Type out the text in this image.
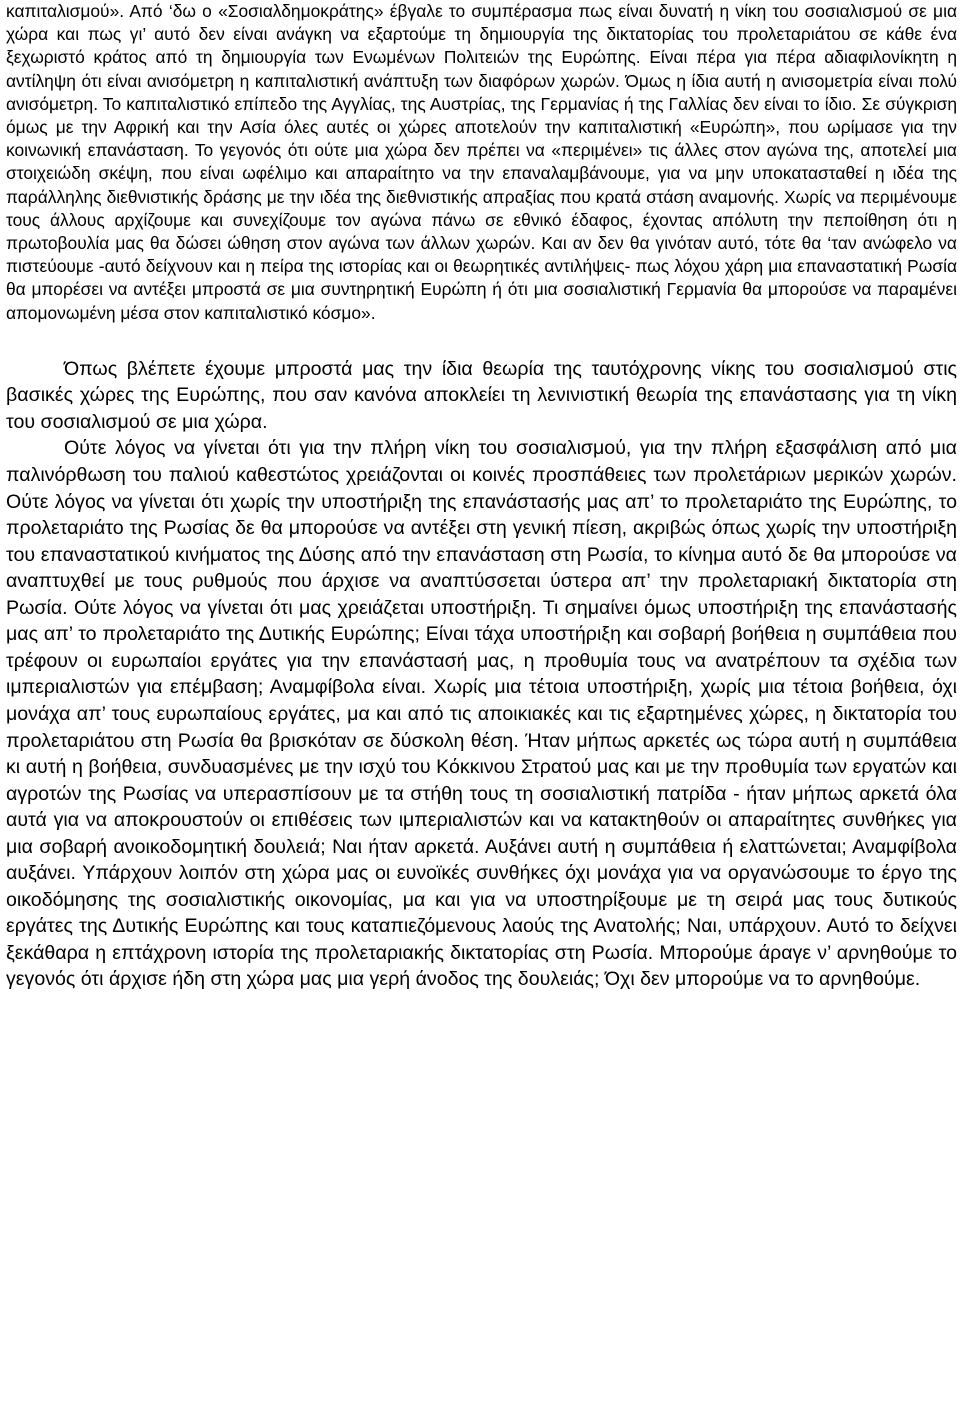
καπιταλισμού». Από ‘δω ο «Σοσιαλδημοκράτης» έβγαλε το συμπέρασμα πως είναι δυνατή η νίκη του σοσιαλισμού σε μια χώρα και πως γι’ αυτό δεν είναι ανάγκη να εξαρτούμε τη δημιουργία της δικτατορίας του προλεταριάτου σε κάθε ένα ξεχωριστό κράτος από τη δημιουργία των Ενωμένων Πολιτειών της Ευρώπης. Είναι πέρα για πέρα αδιαφιλονίκητη η αντίληψη ότι είναι ανισόμετρη η καπιταλιστική ανάπτυξη των διαφόρων χωρών. Όμως η ίδια αυτή η ανισομετρία είναι πολύ ανισόμετρη. Το καπιταλιστικό επίπεδο της Αγγλίας, της Αυστρίας, της Γερμανίας ή της Γαλλίας δεν είναι το ίδιο. Σε σύγκριση όμως με την Αφρική και την Ασία όλες αυτές οι χώρες αποτελούν την καπιταλιστική «Ευρώπη», που ωρίμασε για την κοινωνική επανάσταση. Το γεγονός ότι ούτε μια χώρα δεν πρέπει να «περιμένει» τις άλλες στον αγώνα της, αποτελεί μια στοιχειώδη σκέψη, που είναι ωφέλιμο και απαραίτητο να την επαναλαμβάνουμε, για να μην υποκατασταθεί η ιδέα της παράλληλης διεθνιστικής δράσης με την ιδέα της διεθνιστικής απραξίας που κρατά στάση αναμονής. Χωρίς να περιμένουμε τους άλλους αρχίζουμε και συνεχίζουμε τον αγώνα πάνω σε εθνικό έδαφος, έχοντας απόλυτη την πεποίθηση ότι η πρωτοβουλία μας θα δώσει ώθηση στον αγώνα των άλλων χωρών. Και αν δεν θα γινόταν αυτό, τότε θα ‘ταν ανώφελο να πιστεύουμε -αυτό δείχνουν και η πείρα της ιστορίας και οι θεωρητικές αντιλήψεις- πως λόχου χάρη μια επαναστατική Ρωσία θα μπορέσει να αντέξει μπροστά σε μια συντηρητική Ευρώπη ή ότι μια σοσιαλιστική Γερμανία θα μπορούσε να παραμένει απομονωμένη μέσα στον καπιταλιστικό κόσμο».

Όπως βλέπετε έχουμε μπροστά μας την ίδια θεωρία της ταυτόχρονης νίκης του σοσιαλισμού στις βασικές χώρες της Ευρώπης, που σαν κανόνα αποκλείει τη λενινιστική θεωρία της επανάστασης για τη νίκη του σοσιαλισμού σε μια χώρα.

Ούτε λόγος να γίνεται ότι για την πλήρη νίκη του σοσιαλισμού, για την πλήρη εξασφάλιση από μια παλινόρθωση του παλιού καθεστώτος χρειάζονται οι κοινές προσπάθειες των προλετάριων μερικών χωρών. Ούτε λόγος να γίνεται ότι χωρίς την υποστήριξη της επανάστασής μας απ’ το προλεταριάτο της Ευρώπης, το προλεταριάτο της Ρωσίας δε θα μπορούσε να αντέξει στη γενική πίεση, ακριβώς όπως χωρίς την υποστήριξη του επαναστατικού κινήματος της Δύσης από την επανάσταση στη Ρωσία, το κίνημα αυτό δε θα μπορούσε να αναπτυχθεί με τους ρυθμούς που άρχισε να αναπτύσσεται ύστερα απ’ την προλεταριακή δικτατορία στη Ρωσία. Ούτε λόγος να γίνεται ότι μας χρειάζεται υποστήριξη. Τι σημαίνει όμως υποστήριξη της επανάστασής μας απ’ το προλεταριάτο της Δυτικής Ευρώπης; Είναι τάχα υποστήριξη και σοβαρή βοήθεια η συμπάθεια που τρέφουν οι ευρωπαίοι εργάτες για την επανάστασή μας, η προθυμία τους να ανατρέπουν τα σχέδια των ιμπεριαλιστών για επέμβαση; Αναμφίβολα είναι. Χωρίς μια τέτοια υποστήριξη, χωρίς μια τέτοια βοήθεια, όχι μονάχα απ’ τους ευρωπαίους εργάτες, μα και από τις αποικιακές και τις εξαρτημένες χώρες, η δικτατορία του προλεταριάτου στη Ρωσία θα βρισκόταν σε δύσκολη θέση. Ήταν μήπως αρκετές ως τώρα αυτή η συμπάθεια κι αυτή η βοήθεια, συνδυασμένες με την ισχύ του Κόκκινου Στρατού μας και με την προθυμία των εργατών και αγροτών της Ρωσίας να υπερασπίσουν με τα στήθη τους τη σοσιαλιστική πατρίδα - ήταν μήπως αρκετά όλα αυτά για να αποκρουστούν οι επιθέσεις των ιμπεριαλιστών και να κατακτηθούν οι απαραίτητες συνθήκες για μια σοβαρή ανοικοδομητική δουλειά; Ναι ήταν αρκετά. Αυξάνει αυτή η συμπάθεια ή ελαττώνεται; Αναμφίβολα αυξάνει. Υπάρχουν λοιπόν στη χώρα μας οι ευνοϊκές συνθήκες όχι μονάχα για να οργανώσουμε το έργο της οικοδόμησης της σοσιαλιστικής οικονομίας, μα και για να υποστηρίξουμε με τη σειρά μας τους δυτικούς εργάτες της Δυτικής Ευρώπης και τους καταπιεζόμενους λαούς της Ανατολής; Ναι, υπάρχουν. Αυτό το δείχνει ξεκάθαρα η επτάχρονη ιστορία της προλεταριακής δικτατορίας στη Ρωσία. Μπορούμε άραγε ν’ αρνηθούμε το γεγονός ότι άρχισε ήδη στη χώρα μας μια γερή άνοδος της δουλειάς; Όχι δεν μπορούμε να το αρνηθούμε.
